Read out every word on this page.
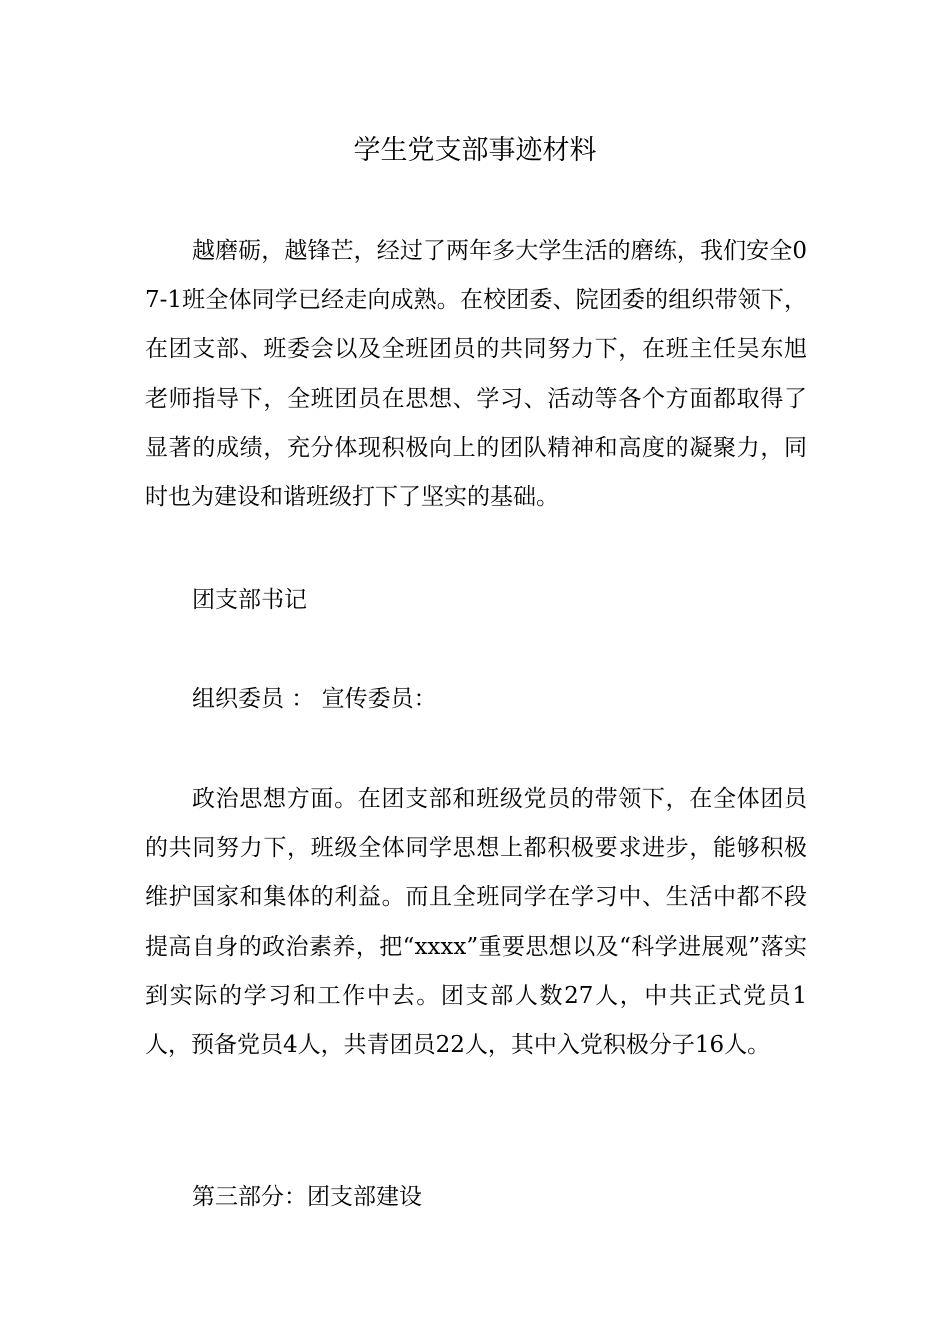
学生党支部事迹材料

越磨砺，越锋芒，经过了两年多大学生活的磨练，我们安全07-1班全体同学已经走向成熟。在校团委、院团委的组织带领下，在团支部、班委会以及全班团员的共同努力下，在班主任吴东旭老师指导下，全班团员在思想、学习、活动等各个方面都取得了显著的成绩，充分体现积极向上的团队精神和高度的凝聚力，同时也为建设和谐班级打下了坚实的基础。

团支部书记

组织委员 ： 宣传委员：

政治思想方面。在团支部和班级党员的带领下，在全体团员的共同努力下，班级全体同学思想上都积极要求进步，能够积极维护国家和集体的利益。而且全班同学在学习中、生活中都不段提高自身的政治素养，把“xxxx”重要思想以及“科学进展观”落实到实际的学习和工作中去。团支部人数27人，中共正式党员1人，预备党员4人，共青团员22人，其中入党积极分子16人。

第三部分：团支部建设
